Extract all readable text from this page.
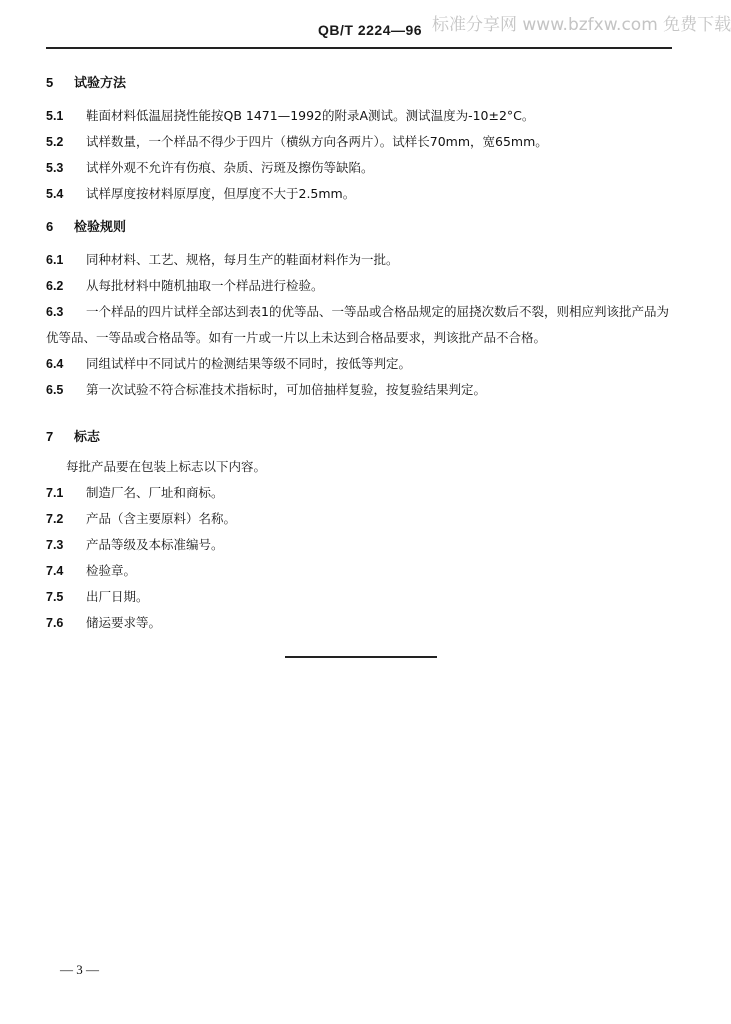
QB/T 2224—96 标准分享网 www.bzfxw.com 免费下载
5 试验方法
5.1 鞋面材料低温屈挠性能按QB 1471—1992的附录A测试。测试温度为-10±2°C。
5.2 试样数量，一个样品不得少于四片（横纵方向各两片）。试样长70mm，宽65mm。
5.3 试样外观不允许有伤痕、杂质、污斑及擦伤等缺陷。
5.4 试样厚度按材料原厚度，但厚度不大于2.5mm。
6 检验规则
6.1 同种材料、工艺、规格，每月生产的鞋面材料作为一批。
6.2 从每批材料中随机抽取一个样品进行检验。
6.3 一个样品的四片试样全部达到表1的优等品、一等品或合格品规定的屈挠次数后不裂，则相应判该批产品为优等品、一等品或合格品等。如有一片或一片以上未达到合格品要求，判该批产品不合格。
6.4 同组试样中不同试片的检测结果等级不同时，按低等判定。
6.5 第一次试验不符合标准技术指标时，可加倍抽样复验，按复验结果判定。
7 标志
每批产品要在包装上标志以下内容。
7.1 制造厂名、厂址和商标。
7.2 产品（含主要原料）名称。
7.3 产品等级及本标准编号。
7.4 检验章。
7.5 出厂日期。
7.6 储运要求等。
— 3 —
